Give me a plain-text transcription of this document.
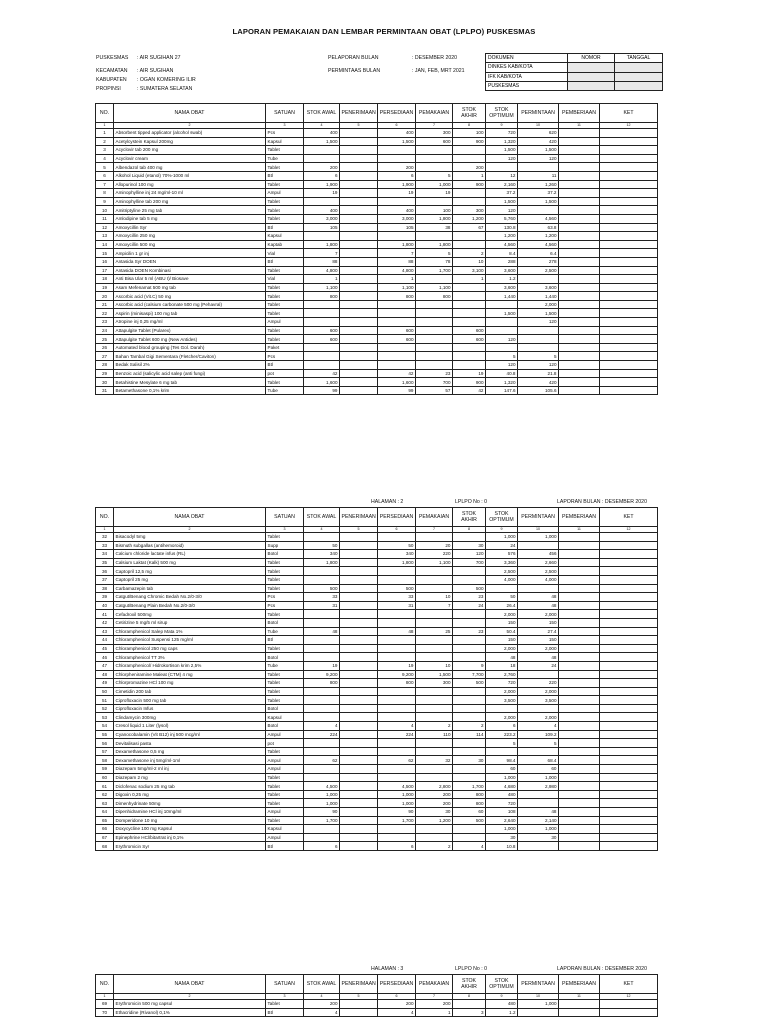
LAPORAN PEMAKAIAN DAN LEMBAR PERMINTAAN OBAT (LPLPO) PUSKESMAS
PUSKESMAS : AIR SUGIHAN 27
KECAMATAN : AIR SUGIHAN
KABUPATEN : OGAN KOMERING ILIR
PROPINSI	: SUMATERA SELATAN
PELAPORAN BULAN	: DESEMBER 2020
PERMINTAAS BULAN	: JAN, FEB, MRT 2021
DOKUMEN	NOMOR	TANGGAL
DINKES KAB/KOTA		
IFK KAB/KOTA		
PUSKESMAS		
NO.	NAMA OBAT	SATUAN	STOK AWAL	PENERIMAAN	PERSEDIAAN	PEMAKAIAN	STOK AKHIR	STOK OPTIMUM	PERMINTAAN	PEMBERIAAN	KET
1	2	3	4	5	6	7	8	9	10	11	12
1	Absorbent tipped applicator (alcohol swab)	Pcs	400		400	300	100	720	620		
2	Acetylcystein Kapsul 200mg	Kapsul	1,500		1,500	600	900	1,320	420		
3	Acyclovir tab 200 mg	Tablet						1,500	1,500		
4	Acyclovir cream	Tube						120	120		
5	Albendazol tab 400 mg	Tablet	200		200		200				
6	Alkohol Liquid (etanol) 70%-1000 ml	Btl	6		6	5	1	12	11		
7	Allopurinol 100 mg	Tablet	1,900		1,900	1,000	900	2,160	1,260		
8	Aminophylline inj 24 mg/ml-10 ml	Ampul	19		19	19		37.2	37.2		
9	Aminophylline tab 200 mg	Tablet						1,500	1,500		
10	Amitriptyline 25 mg tab	Tablet	400		400	100	300	120			
11	Amlodipine tab 5 mg	Tablet	3,000		3,000	1,800	1,200	5,760	4,560		
12	Amoxycillin Syr	Btl	105		105	38	67	130.8	63.8		
13	Amoxycillin 250 mg	Kapsul						1,200	1,200		
14	Amoxycillin 500 mg	Kaptab	1,800		1,800	1,800		4,560	4,560		
15	Ampicilin 1 gr inj	Vial	7		7	5	2	8.4	6.4		
16	Antasida Syr DOEN	Btl	88		88	78	10	288	278		
17	Antasida DOEN Kombinasi	Tablet	4,800		4,800	1,700	3,100	3,600	2,500		
18	Anti Bisa Ular 5 ml (ABU I)/ Biosave	Vial	1		1		1	1.2			
19	Asam Mefenamat 500 mg tab	Tablet	1,100		1,100	1,100		3,600	3,600		
20	Ascorbic acid (Vit.C) 50 mg	Tablet	800		800	800		1,440	1,440		
21	Ascorbic acid (calsium carbonate 500 mg (Pehavral)	Tablet							2,000		
22	Aspirin (minisaspi) 100 mg tab	Tablet						1,500	1,500		
23	Atropine inj 0,25 mg/ml	Ampul							120		
24	Attapulgite Tablet (Pularex)	Tablet	600		600		600				
25	Attapulgite Tablet 600 mg (New Antides)	Tablet	600		600		600	120			
26	Automated blood grouping (Tes Gol. Darah)	Paket									
27	Bahan Tambal Gigi Sementara (Fletcher/Caviton)	Pcs						5	5		
28	Bedak Salisil 2%	Btl						120	120		
29	Benzoic acid (salicylic acid salep (anti fungi)	pot	42		42	23	19	40.8	21.8		
30	Betahistine Mesylate 6 mg tab	Tablet	1,600		1,600	700	900	1,320	420		
31	Betamethasone 0,1% krim	Tube	99		99	57	42	147.6	105.6		
HALAMAN : 2	LPLPO No : 0	LAPORAN BULAN : DESEMBER 2020
NO.	NAMA OBAT	SATUAN	STOK AWAL	PENERIMAAN	PERSEDIAAN	PEMAKAIAN	STOK AKHIR	STOK OPTIMUM	PERMINTAAN	PEMBERIAAN	KET
1	2	3	4	5	6	7	8	9	10	11	12
32	Bisacodyl 5mg	Tablet						1,000	1,000		
33	Bismuth subgallas (antihemoroid)	Supp	50		50	20	30	24			
34	Calcium chloride lactate infus (RL)	Botol	340		340	220	120	576	456		
35	Calsium Laktat (Kalk) 500 mg	Tablet	1,800		1,800	1,100	700	3,360	2,660		
36	Captopril 12,5 mg	Tablet						2,500	2,500		
37	Captopril 25 mg	Tablet						4,000	4,000		
38	Carbamazepin tab	Tablet	500		500		500				
39	Catgut/Benang Chromic Bedah No.2/0-3/0	Pcs	33		33	10	23	50	48		
40	Catgut/Benang Plain Bedah No.2/0-3/0	Pcs	31		31	7	24	26.4	48		
41	Cefadroxil 500mg	Tablet						2,000	2,000		
42	Cetirizine 5 mg/5 ml sirup	Botol						150	150		
43	Chloramphenicol Salep Mata 1%	Tube	48		48	25	23	50.4	27.4		
44	Chloramphenicol Suspensi 125 mg/ml	Btl						150	150		
45	Chloramphenicol 250 mg caps	Tablet						2,000	2,000		
46	Chloramphenicol TT 3%	Botol						48	48		
47	Chloramphenicol/ Hidrokortison krim 2,5%	Tube	19		19	10	9	18	24		
48	Chlorpheniramine Maleat (CTM) 4 mg	Tablet	9,200		9,200	1,500	7,700	2,760			
49	Chlorpromazine HCl 100 mg	Tablet	800		800	300	500	720	220		
50	Cimetidin 200 tab	Tablet						2,000	2,000		
51	Ciprofloxacin 500 mg tab	Tablet						3,500	3,500		
52	Ciprofloxacin Infus	Botol									
53	Clindamycin 300mg	Kapsul						2,000	2,000		
54	Cresol liquid 1 Liter (lysol)	Botol	4		4	2	2	6	4		
55	Cyanocobalamin (Vit B12) inj 500 mcg/ml	Ampul	224		224	110	114	223.2	109.2		
56	Devitalisasi pasta	pot						5	5		
57	Dexamethasone 0,5 mg	Tablet									
58	Dexamethasone inj 5mg/ml-1ml	Ampul	62		62	32	30	98.4	68.4		
59	Diazepam 5mg/ml-2 ml inj	Ampul						60	60		
60	Diazepam 2 mg	Tablet						1,000	1,000		
61	Diclofenac sodium 25 mg tab	Tablet	4,500		4,500	2,800	1,700	4,680	2,980		
62	Digoxin 0,25 mg	Tablet	1,000		1,000	200	800	480			
63	Dimenhydrinate 50mg	Tablet	1,000		1,000	200	800	720			
64	Dipenhidramine HCl inj 10mg/ml	Ampul	90		90	30	60	108	48		
65	Domperidone 10 mg	Tablet	1,700		1,700	1,200	500	2,640	2,140		
66	Doxycycline 100 mg Kapsul	Kapsul						1,000	1,000		
67	Epinephrine HCl/bitartrat inj 0,1%	Ampul						30	30		
68	Erythromicin Syr	Btl	6		6	2	4	10.8			
HALAMAN : 3	LPLPO No : 0	LAPORAN BULAN : DESEMBER 2020
NO.	NAMA OBAT	SATUAN	STOK AWAL	PENERIMAAN	PERSEDIAAN	PEMAKAIAN	STOK AKHIR	STOK OPTIMUM	PERMINTAAN	PEMBERIAAN	KET
1	2	3	4	5	6	7	8	9	10	11	12
69	Erythromicin 500 mg capsul	Tablet	200		200	200		480	1,000		
70	Ethacridine (Rivanol) 0,1%	Btl	4		4	1	3	1.2			
